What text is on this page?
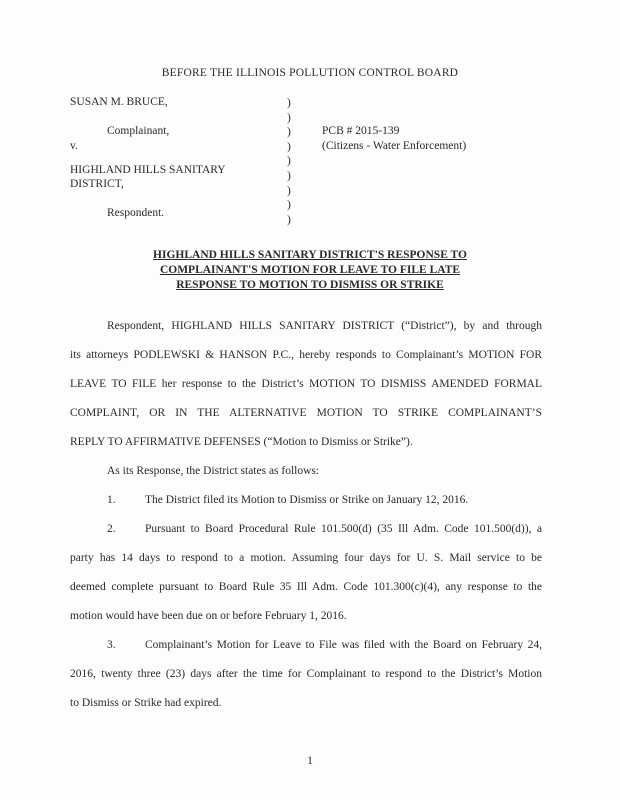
BEFORE THE ILLINOIS POLLUTION CONTROL BOARD
SUSAN M. BRUCE,
Complainant,
v.
HIGHLAND HILLS SANITARY
DISTRICT,
Respondent.
)
)
)
)
)
)
)
)
)
PCB # 2015-139
(Citizens - Water Enforcement)
HIGHLAND HILLS SANITARY DISTRICT'S RESPONSE TO
COMPLAINANT'S MOTION FOR LEAVE TO FILE LATE
RESPONSE TO MOTION TO DISMISS OR STRIKE
Respondent, HIGHLAND HILLS SANITARY DISTRICT (“District”), by and through
its attorneys PODLEWSKI & HANSON P.C., hereby responds to Complainant’s MOTION FOR
LEAVE TO FILE her response to the District’s MOTION TO DISMISS AMENDED FORMAL
COMPLAINT, OR IN THE ALTERNATIVE MOTION TO STRIKE COMPLAINANT’S
REPLY TO AFFIRMATIVE DEFENSES (“Motion to Dismiss or Strike”).
As its Response, the District states as follows:
1.	The District filed its Motion to Dismiss or Strike on January 12, 2016.
2.	Pursuant to Board Procedural Rule 101.500(d) (35 Ill Adm. Code 101.500(d)), a
party has 14 days to respond to a motion. Assuming four days for U. S. Mail service to be
deemed complete pursuant to Board Rule 35 Ill Adm. Code 101.300(c)(4), any response to the
motion would have been due on or before February 1, 2016.
3.	Complainant’s Motion for Leave to File was filed with the Board on February 24,
2016, twenty three (23) days after the time for Complainant to respond to the District’s Motion
to Dismiss or Strike had expired.
1
